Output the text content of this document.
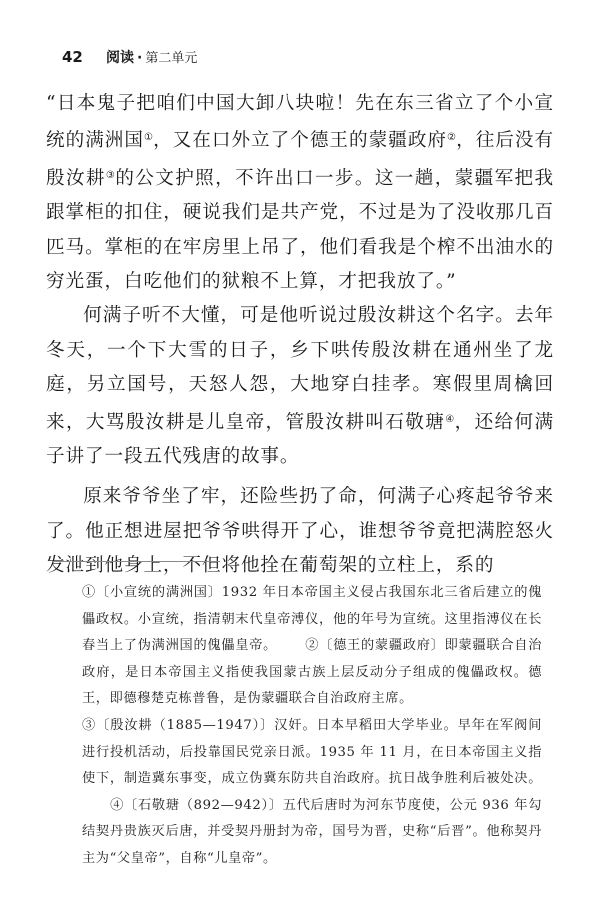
42	阅读 · 第二单元

“日本鬼子把咱们中国大卸八块啦！先在东三省立了个小宣统的满洲国①，又在口外立了个德王的蒙疆政府②，往后没有殷汝耕③的公文护照，不许出口一步。这一趟，蒙疆军把我跟掌柜的扣住，硬说我们是共产党，不过是为了没收那几百匹马。掌柜的在牢房里上吊了，他们看我是个榨不出油水的穷光蛋，白吃他们的狱粮不上算，才把我放了。”

何满子听不大懂，可是他听说过殷汝耕这个名字。去年冬天，一个下大雪的日子，乡下哄传殷汝耕在通州坐了龙庭，另立国号，天怒人怨，大地穿白挂孝。寒假里周檎回来，大骂殷汝耕是儿皇帝，管殷汝耕叫石敬瑭④，还给何满子讲了一段五代残唐的故事。

原来爷爷坐了牢，还险些扔了命，何满子心疼起爷爷来了。他正想进屋把爷爷哄得开了心，谁想爷爷竟把满腔怒火发泄到他身上，不但将他拴在葡萄架的立柱上，系的

①〔小宣统的满洲国〕1932 年日本帝国主义侵占我国东北三省后建立的傀儡政权。小宣统，指清朝末代皇帝溥仪，他的年号为宣统。这里指溥仪在长春当上了伪满洲国的傀儡皇帝。 ②〔德王的蒙疆政府〕即蒙疆联合自治政府，是日本帝国主义指使我国蒙古族上层反动分子组成的傀儡政权。德王，即德穆楚克栋普鲁，是伪蒙疆联合自治政府主席。

③〔殷汝耕（1885—1947）〕汉奸。日本早稻田大学毕业。早年在军阀间进行投机活动，后投靠国民党亲日派。1935 年 11 月，在日本帝国主义指使下，制造冀东事变，成立伪冀东防共自治政府。抗日战争胜利后被处决。④〔石敬瑭（892—942）〕五代后唐时为河东节度使，公元 936 年勾结契丹贵族灭后唐，并受契丹册封为帝，国号为晋，史称“后晋”。他称契丹主为“父皇帝”，自称“儿皇帝”。
